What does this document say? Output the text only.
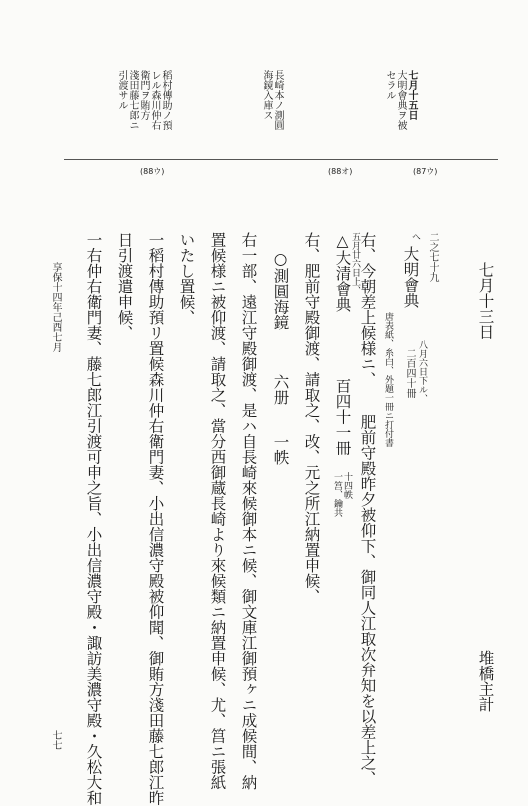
七月十三日
堆橋主計
享保十四年己酉七月
七七
七月十五日
大明會典ヲ被
セラル
長崎本ノ測圓
海鏡入庫ス
稻村傳助ノ預
レル森川仲右
衛門ヲ賄方
淺田藤七郎ニ
引渡サル
(87ウ)
(88オ)
(88ウ)
二之七十九
へ
大明會典
八月六日下ル、
二百四十冊
唐表紙、糸白、外題一冊ニ打付書
右、今朝差上候様ニ、
肥前守殿昨夕被仰下、御同人江取次弁知を以差上之、
五月廿六日上、
△大清會典
百四十一冊
十四帙
一筥、鑰共
右、肥前守殿御渡、請取之、改、元之所江納置申候、
○測圓海鏡
六册
一帙
右一部、遠江守殿御渡、是ハ自長崎來候御本ニ候、御文庫江御預ヶニ成候間、納
置候様ニ被仰渡、請取之、當分西御蔵長崎より來候類ニ納置申候、尤、筥ニ張紙
いたし置候、
一稻村傳助預リ置候森川仲右衛門妻、小出信濃守殿被仰聞、御賄方淺田藤七郎江昨
日引渡遣申候、
一右仲右衛門妻、藤七郎江引渡可申之旨、小出信濃守殿・諏訪美濃守殿・久松大和
